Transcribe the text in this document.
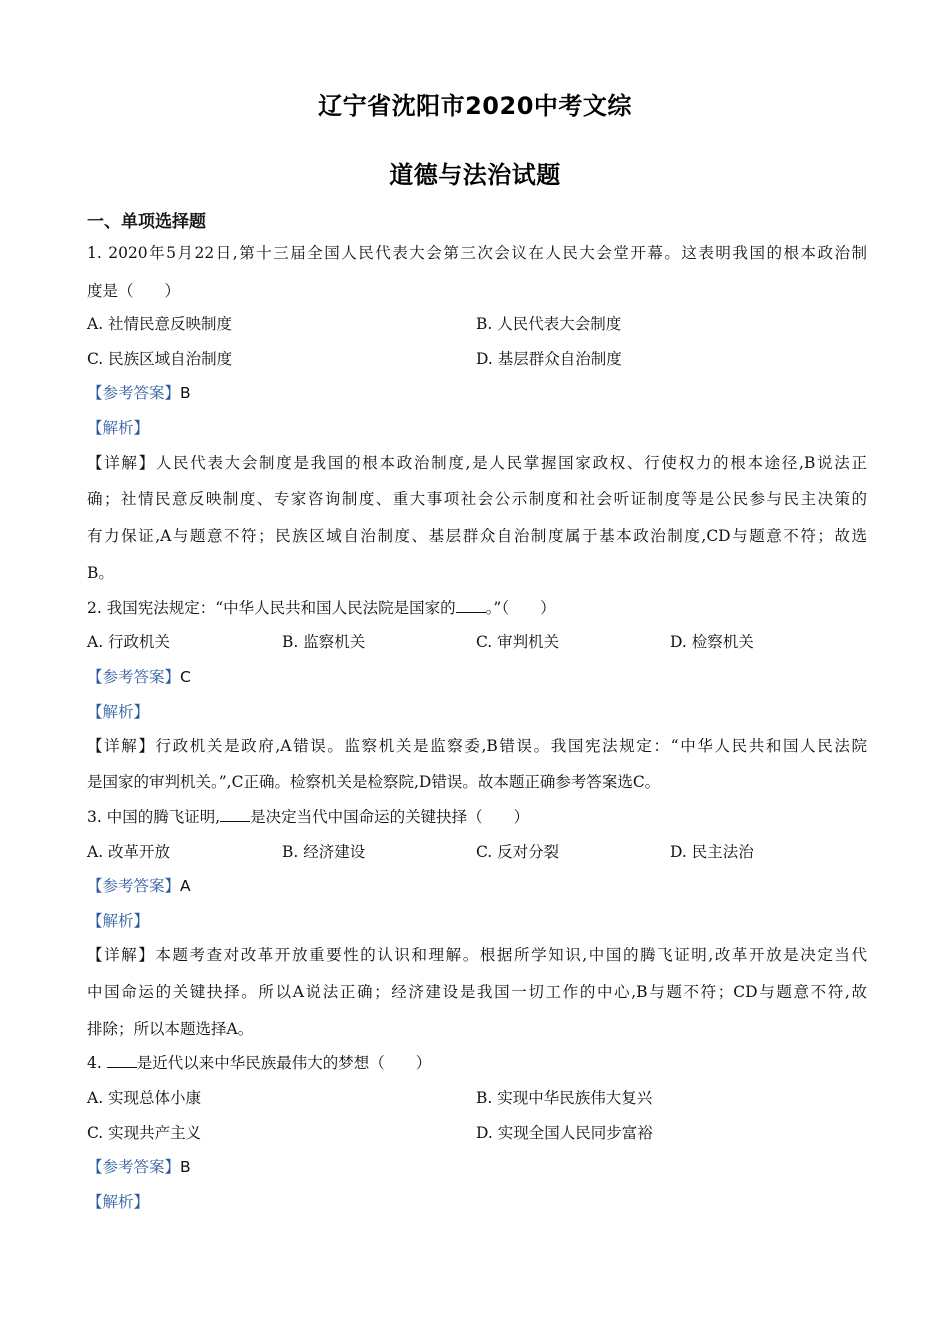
辽宁省沈阳市2020中考文综
道德与法治试题
一、单项选择题
1. 2020年5月22日,第十三届全国人民代表大会第三次会议在人民大会堂开幕。这表明我国的根本政治制
度是（　　）
A. 社情民意反映制度	B. 人民代表大会制度
C. 民族区域自治制度	D. 基层群众自治制度
【参考答案】B
【解析】
【详解】人民代表大会制度是我国的根本政治制度,是人民掌握国家政权、行使权力的根本途径,B说法正
确；社情民意反映制度、专家咨询制度、重大事项社会公示制度和社会听证制度等是公民参与民主决策的
有力保证,A与题意不符；民族区域自治制度、基层群众自治制度属于基本政治制度,CD与题意不符；故选
B。
2. 我国宪法规定：“中华人民共和国人民法院是国家的 。”（　　）
A. 行政机关	B. 监察机关	C. 审判机关	D. 检察机关
【参考答案】C
【解析】
【详解】行政机关是政府,A错误。监察机关是监察委,B错误。我国宪法规定：“中华人民共和国人民法院
是国家的审判机关。”,C正确。检察机关是检察院,D错误。故本题正确参考答案选C。
3. 中国的腾飞证明, 是决定当代中国命运的关键抉择（　　）
A. 改革开放	B. 经济建设	C. 反对分裂	D. 民主法治
【参考答案】A
【解析】
【详解】本题考查对改革开放重要性的认识和理解。根据所学知识,中国的腾飞证明,改革开放是决定当代
中国命运的关键抉择。所以A说法正确；经济建设是我国一切工作的中心,B与题不符；CD与题意不符,故
排除；所以本题选择A。
4. 是近代以来中华民族最伟大的梦想（　　）
A. 实现总体小康	B. 实现中华民族伟大复兴
C. 实现共产主义	D. 实现全国人民同步富裕
【参考答案】B
【解析】
